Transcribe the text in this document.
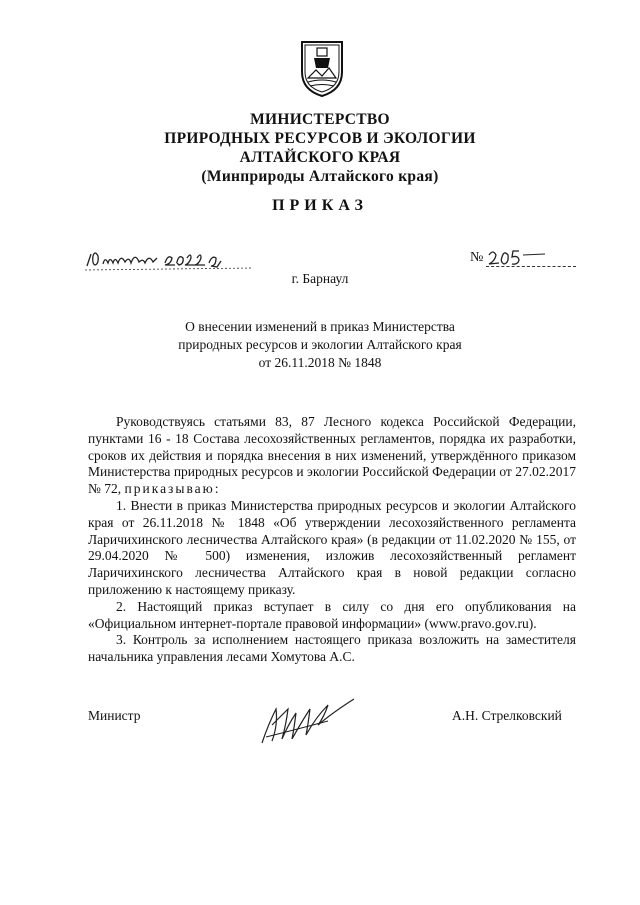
МИНИСТЕРСТВО
ПРИРОДНЫХ РЕСУРСОВ И ЭКОЛОГИИ
АЛТАЙСКОГО КРАЯ
(Минприроды Алтайского края)
ПРИКАЗ
№
г. Барнаул
О внесении изменений в приказ Министерства
природных ресурсов и экологии Алтайского края
от 26.11.2018 № 1848

Руководствуясь статьями 83, 87 Лесного кодекса Российской Федерации, пунктами 16 - 18 Состава лесохозяйственных регламентов, порядка их разработки, сроков их действия и порядка внесения в них изменений, утверждённого приказом Министерства природных ресурсов и экологии Российской Федерации от 27.02.2017 № 72, приказываю:

1. Внести в приказ Министерства природных ресурсов и экологии Алтайского края от 26.11.2018 № 1848 «Об утверждении лесохозяйственного регламента Ларичихинского лесничества Алтайского края» (в редакции от 11.02.2020 № 155, от 29.04.2020 № 500) изменения, изложив лесохозяйственный регламент Ларичихинского лесничества Алтайского края в новой редакции согласно приложению к настоящему приказу.

2. Настоящий приказ вступает в силу со дня его опубликования на «Официальном интернет-портале правовой информации» (www.pravo.gov.ru).

3. Контроль за исполнением настоящего приказа возложить на заместителя начальника управления лесами Хомутова А.С.

Министр	А.Н. Стрелковский
